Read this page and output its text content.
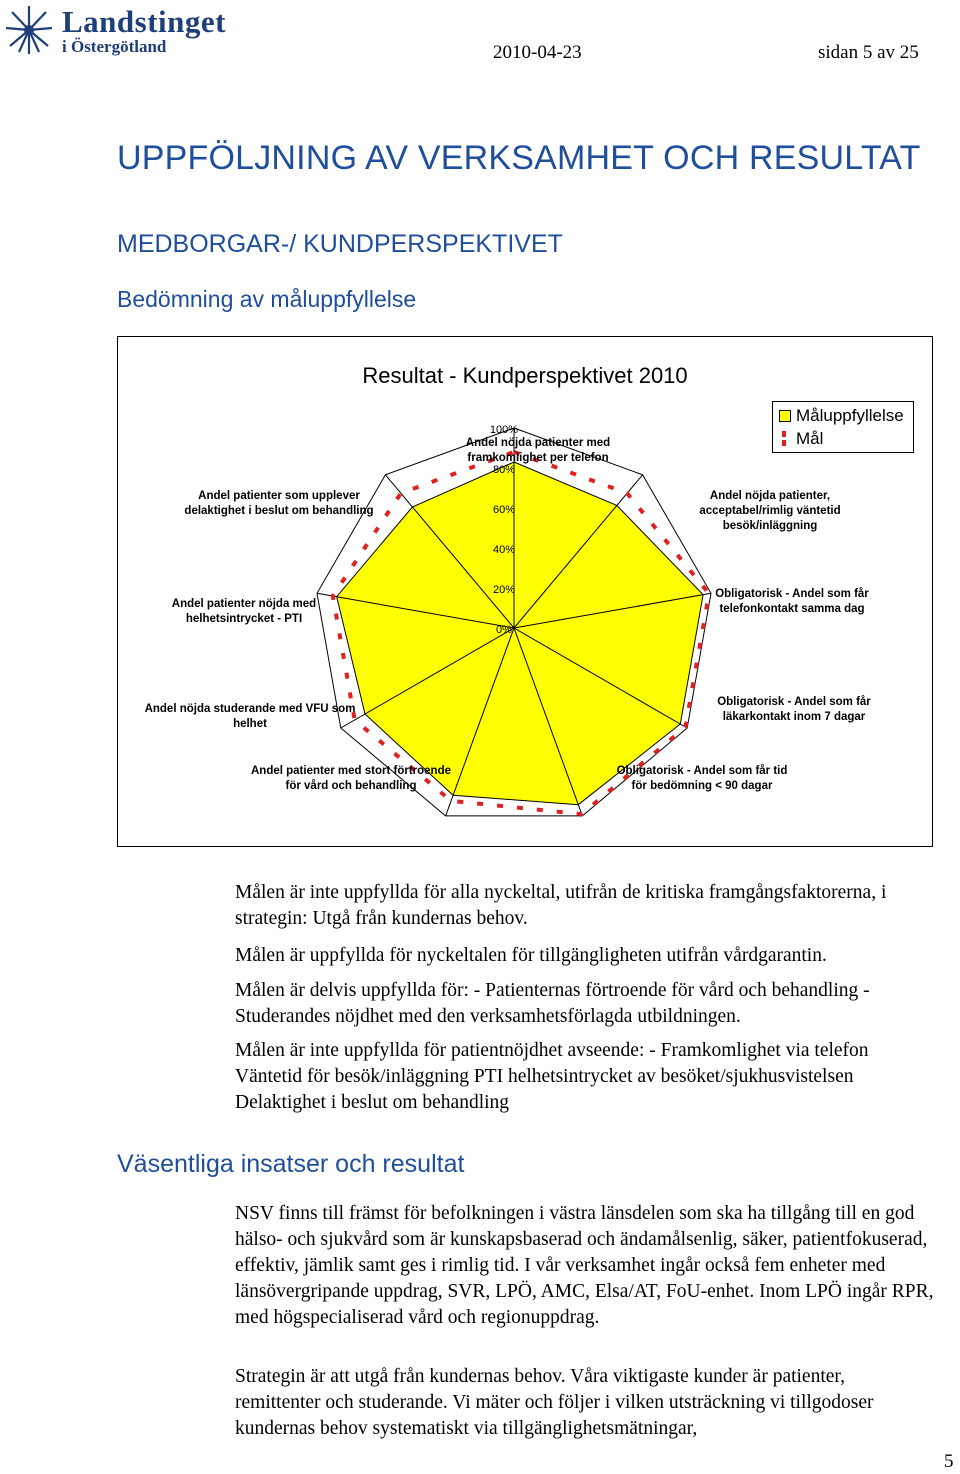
Landstinget
i Östergötland	2010-04-23	sidan 5 av 25
UPPFÖLJNING AV VERKSAMHET OCH RESULTAT
MEDBORGAR-/ KUNDPERSPEKTIVET
Bedömning av måluppfyllelse
0%
20%
40%
60%
80%
100%
Andel nöjda patienter med framkomlighet per telefon
Andel nöjda patienter, acceptabel/rimlig väntetid besök/inläggning
Obligatorisk - Andel som får telefonkontakt samma dag
Obligatorisk - Andel som får läkarkontakt inom 7 dagar
Obligatorisk - Andel som får tid för bedömning < 90 dagar
Andel patienter med stort förtroende för vård och behandling
Andel nöjda studerande med VFU som helhet
Andel patienter nöjda med helhetsintrycket - PTI
Andel patienter som upplever delaktighet i beslut om behandling
Resultat - Kundperspektivet 2010
Måluppfyllelse
Mål
Målen är inte uppfyllda för alla nyckeltal, utifrån de kritiska framgångsfaktorerna, i strategin: Utgå från kundernas behov.
Målen är uppfyllda för nyckeltalen för tillgängligheten utifrån vårdgarantin.
Målen är delvis uppfyllda för: - Patienternas förtroende för vård och behandling - Studerandes nöjdhet med den verksamhetsförlagda utbildningen.
Målen är inte uppfyllda för patientnöjdhet avseende: - Framkomlighet via telefon Väntetid för besök/inläggning PTI helhetsintrycket av besöket/sjukhusvistelsen Delaktighet i beslut om behandling
Väsentliga insatser och resultat
NSV finns till främst för befolkningen i västra länsdelen som ska ha tillgång till en god hälso- och sjukvård som är kunskapsbaserad och ändamålsenlig, säker, patientfokuserad, effektiv, jämlik samt ges i rimlig tid. I vår verksamhet ingår också fem enheter med länsövergripande uppdrag, SVR, LPÖ, AMC, Elsa/AT, FoU-enhet. Inom LPÖ ingår RPR, med högspecialiserad vård och regionuppdrag.
Strategin är att utgå från kundernas behov. Våra viktigaste kunder är patienter, remittenter och studerande. Vi mäter och följer i vilken utsträckning vi tillgodoser kundernas behov systematiskt via tillgänglighetsmätningar,
5
